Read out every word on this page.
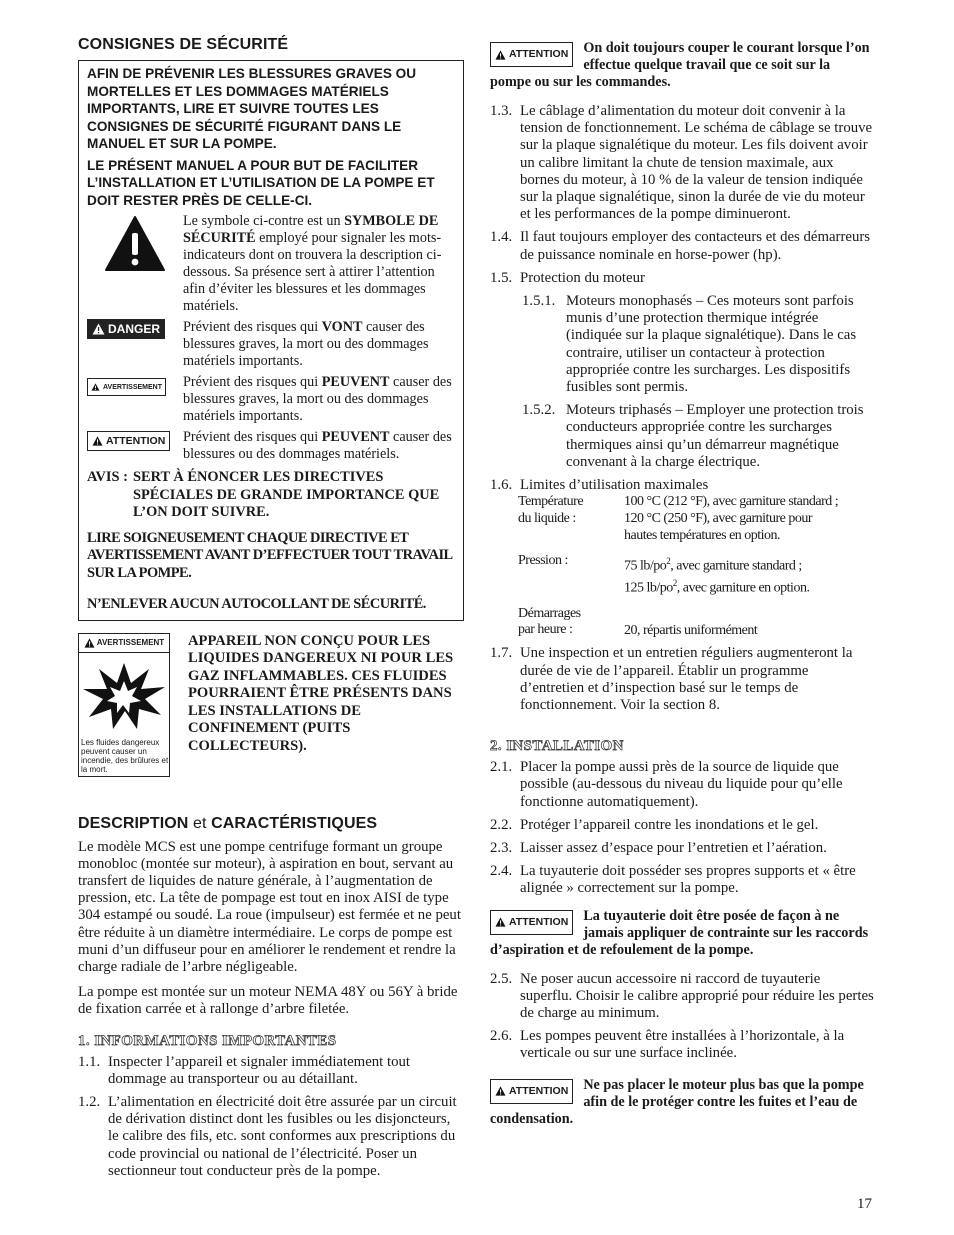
CONSIGNES DE SÉCURITÉ

AFIN DE PRÉVENIR LES BLESSURES GRAVES OU MORTELLES ET LES DOMMAGES MATÉRIELS IMPORTANTS, LIRE ET SUIVRE TOUTES LES CONSIGNES DE SÉCURITÉ FIGURANT DANS LE MANUEL ET SUR LA POMPE.

LE PRÉSENT MANUEL A POUR BUT DE FACILITER L’INSTALLATION ET L’UTILISATION DE LA POMPE ET DOIT RESTER PRÈS DE CELLE-CI.

Le symbole ci-contre est un SYMBOLE DE SÉCURITÉ employé pour signaler les mots-indicateurs dont on trouvera la description ci-dessous. Sa présence sert à attirer l’attention afin d’éviter les blessures et les dommages matériels.
DANGER Prévient des risques qui VONT causer des blessures graves, la mort ou des dommages matériels importants.
AVERTISSEMENT Prévient des risques qui PEUVENT causer des blessures graves, la mort ou des dommages matériels importants.
ATTENTION Prévient des risques qui PEUVENT causer des blessures ou des dommages matériels.
AVIS : SERT À ÉNONCER LES DIRECTIVES SPÉCIALES DE GRANDE IMPORTANCE QUE L’ON DOIT SUIVRE.
LIRE SOIGNEUSEMENT CHAQUE DIRECTIVE ET AVERTISSEMENT AVANT D’EFFECTUER TOUT TRAVAIL SUR LA POMPE.
N’ENLEVER AUCUN AUTOCOLLANT DE SÉCURITÉ.
AVERTISSEMENT
Les fluides dangereux peuvent causer un incendie, des brûlures et la mort.
APPAREIL NON CONÇU POUR LES LIQUIDES DANGEREUX NI POUR LES GAZ INFLAMMABLES. CES FLUIDES POURRAIENT ÊTRE PRÉSENTS DANS LES INSTALLATIONS DE CONFINEMENT (PUITS COLLECTEURS).
DESCRIPTION et CARACTÉRISTIQUES

Le modèle MCS est une pompe centrifuge formant un groupe monobloc (montée sur moteur), à aspiration en bout, servant au transfert de liquides de nature générale, à l’augmentation de pression, etc. La tête de pompage est tout en inox AISI de type 304 estampé ou soudé. La roue (impulseur) est fermée et ne peut être réduite à un diamètre intermédiaire. Le corps de pompe est muni d’un diffuseur pour en améliorer le rendement et rendre la charge radiale de l’arbre négligeable.

La pompe est montée sur un moteur NEMA 48Y ou 56Y à bride de fixation carrée et à rallonge d’arbre filetée.

1. INFORMATIONS IMPORTANTES
1.1. Inspecter l’appareil et signaler immédiatement tout dommage au transporteur ou au détaillant.
1.2. L’alimentation en électricité doit être assurée par un circuit de dérivation distinct dont les fusibles ou les disjoncteurs, le calibre des fils, etc. sont conformes aux prescriptions du code provincial ou national de l’électricité. Poser un sectionneur tout conducteur près de la pompe.
ATTENTION On doit toujours couper le courant lorsque l’on effectue quelque travail que ce soit sur la pompe ou sur les commandes.
1.3. Le câblage d’alimentation du moteur doit convenir à la tension de fonctionnement. Le schéma de câblage se trouve sur la plaque signalétique du moteur. Les fils doivent avoir un calibre limitant la chute de tension maximale, aux bornes du moteur, à 10 % de la valeur de tension indiquée sur la plaque signalétique, sinon la durée de vie du moteur et les performances de la pompe diminueront.
1.4. Il faut toujours employer des contacteurs et des démarreurs de puissance nominale en horse-power (hp).
1.5. Protection du moteur
1.5.1. Moteurs monophasés – Ces moteurs sont parfois munis d’une protection thermique intégrée (indiquée sur la plaque signalétique). Dans le cas contraire, utiliser un contacteur à protection appropriée contre les surcharges. Les dispositifs fusibles sont permis.
1.5.2. Moteurs triphasés – Employer une protection trois conducteurs appropriée contre les surcharges thermiques ainsi qu’un démarreur magnétique convenant à la charge électrique.
1.6. Limites d’utilisation maximales
Température
du liquide :
100 °C (212 °F), avec garniture standard ;
120 °C (250 °F), avec garniture pour
hautes températures en option.
Pression :	75 $lb/po^2$, avec garniture standard ;
125 $lb/po^2$, avec garniture en option.
Démarrages
par heure :	20, répartis uniformément
1.7. Une inspection et un entretien réguliers augmenteront la durée de vie de l’appareil. Établir un programme d’entretien et d’inspection basé sur le temps de fonctionnement. Voir la section 8.
2. INSTALLATION
2.1. Placer la pompe aussi près de la source de liquide que possible (au-dessous du niveau du liquide pour qu’elle fonctionne automatiquement).
2.2. Protéger l’appareil contre les inondations et le gel.
2.3. Laisser assez d’espace pour l’entretien et l’aération.
2.4. La tuyauterie doit posséder ses propres supports et « être alignée » correctement sur la pompe.
ATTENTION La tuyauterie doit être posée de façon à ne jamais appliquer de contrainte sur les raccords d’aspiration et de refoulement de la pompe.
2.5. Ne poser aucun accessoire ni raccord de tuyauterie superflu. Choisir le calibre approprié pour réduire les pertes de charge au minimum.
2.6. Les pompes peuvent être installées à l’horizontale, à la verticale ou sur une surface inclinée.
ATTENTION Ne pas placer le moteur plus bas que la pompe afin de le protéger contre les fuites et l’eau de condensation.
17
